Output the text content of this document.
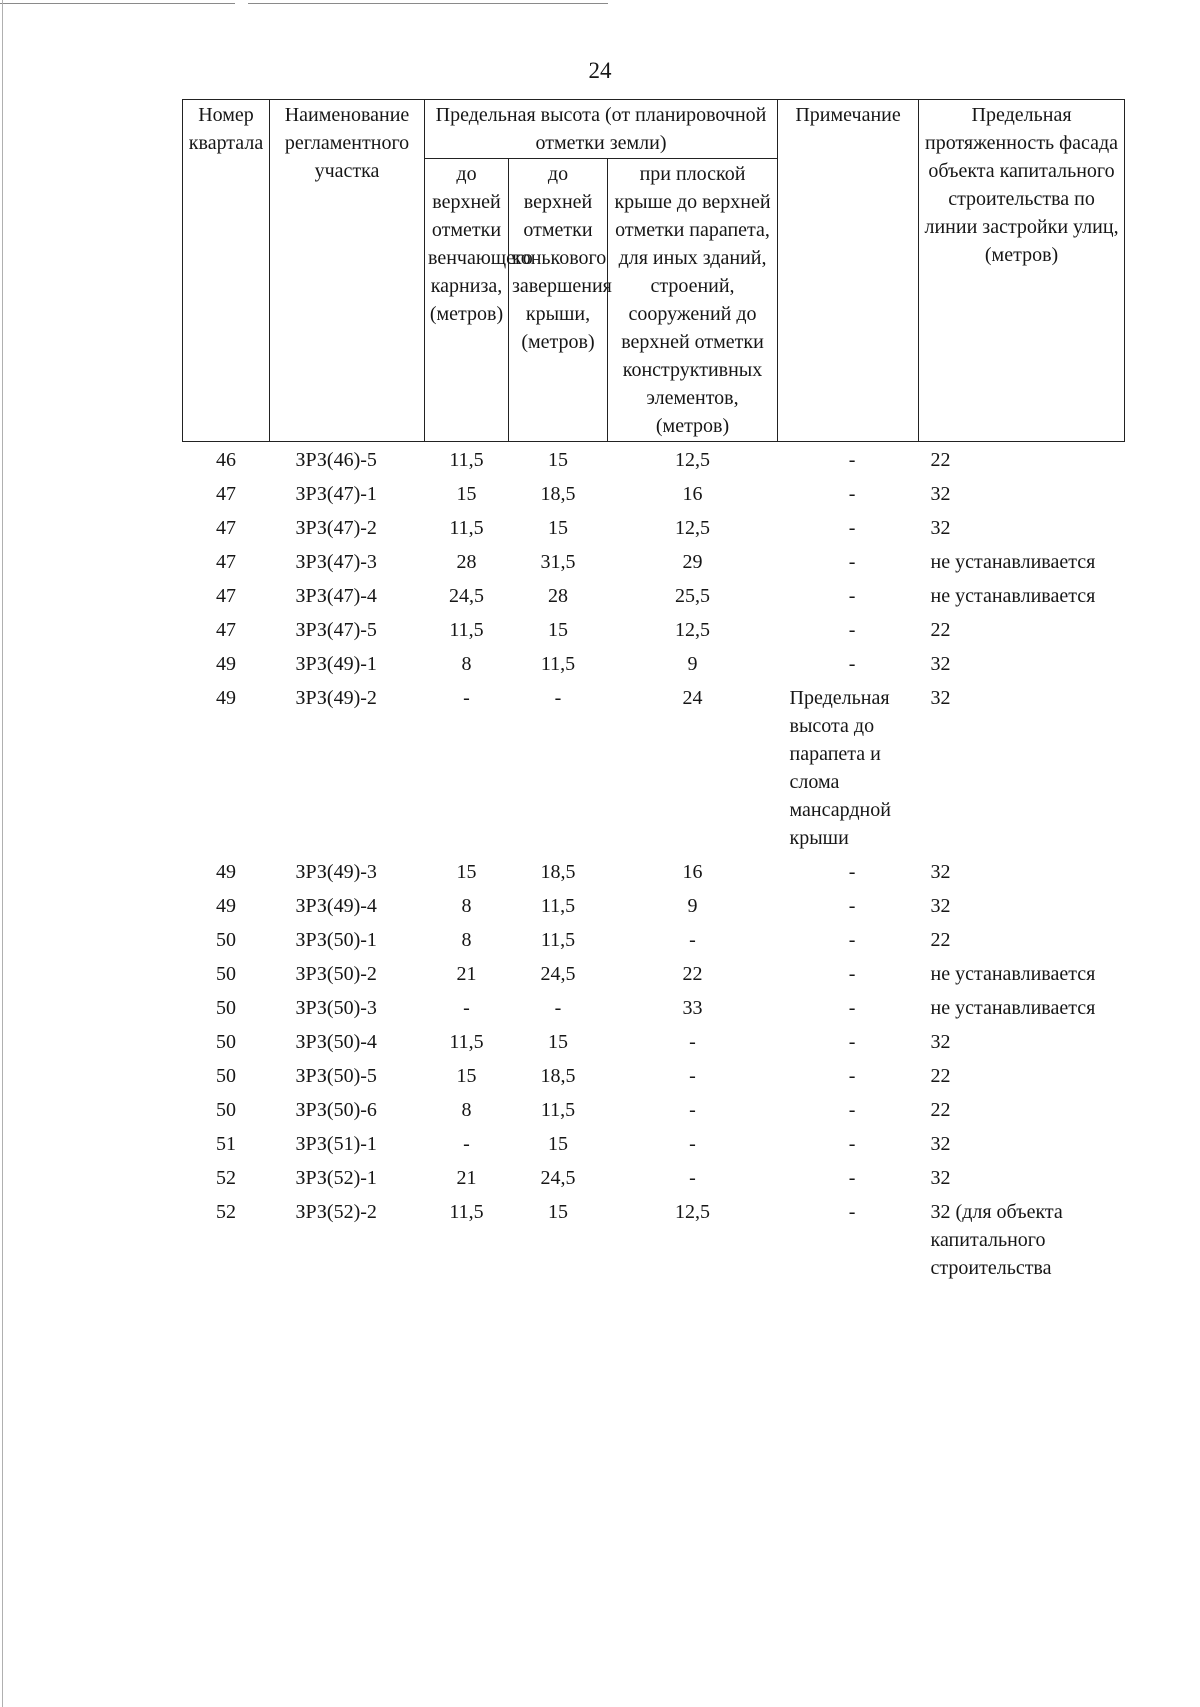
24
Номер квартала	Наименование регламентного участка	Предельная высота (от планировочной отметки земли)			Примечание	Предельная протяженность фасада объекта капитального строительства по линии застройки улиц, (метров)
		до верхней отметки венчающего карниза, (метров)	до верхней отметки конькового завершения крыши, (метров)	при плоской крыше до верхней отметки парапета, для иных зданий, строений, сооружений до верхней отметки конструктивных элементов, (метров)		
46	ЗРЗ(46)-5	11,5	15	12,5	-	22
47	ЗРЗ(47)-1	15	18,5	16	-	32
47	ЗРЗ(47)-2	11,5	15	12,5	-	32
47	ЗРЗ(47)-3	28	31,5	29	-	не устанавливается
47	ЗРЗ(47)-4	24,5	28	25,5	-	не устанавливается
47	ЗРЗ(47)-5	11,5	15	12,5	-	22
49	ЗРЗ(49)-1	8	11,5	9	-	32
49	ЗРЗ(49)-2	-	-	24	Предельная высота до парапета и слома мансардной крыши	32
49	ЗРЗ(49)-3	15	18,5	16	-	32
49	ЗРЗ(49)-4	8	11,5	9	-	32
50	ЗРЗ(50)-1	8	11,5	-	-	22
50	ЗРЗ(50)-2	21	24,5	22	-	не устанавливается
50	ЗРЗ(50)-3	-	-	33	-	не устанавливается
50	ЗРЗ(50)-4	11,5	15	-	-	32
50	ЗРЗ(50)-5	15	18,5	-	-	22
50	ЗРЗ(50)-6	8	11,5	-	-	22
51	ЗРЗ(51)-1	-	15	-	-	32
52	ЗРЗ(52)-1	21	24,5	-	-	32
52	ЗРЗ(52)-2	11,5	15	12,5	-	32 (для объекта капитального строительства
